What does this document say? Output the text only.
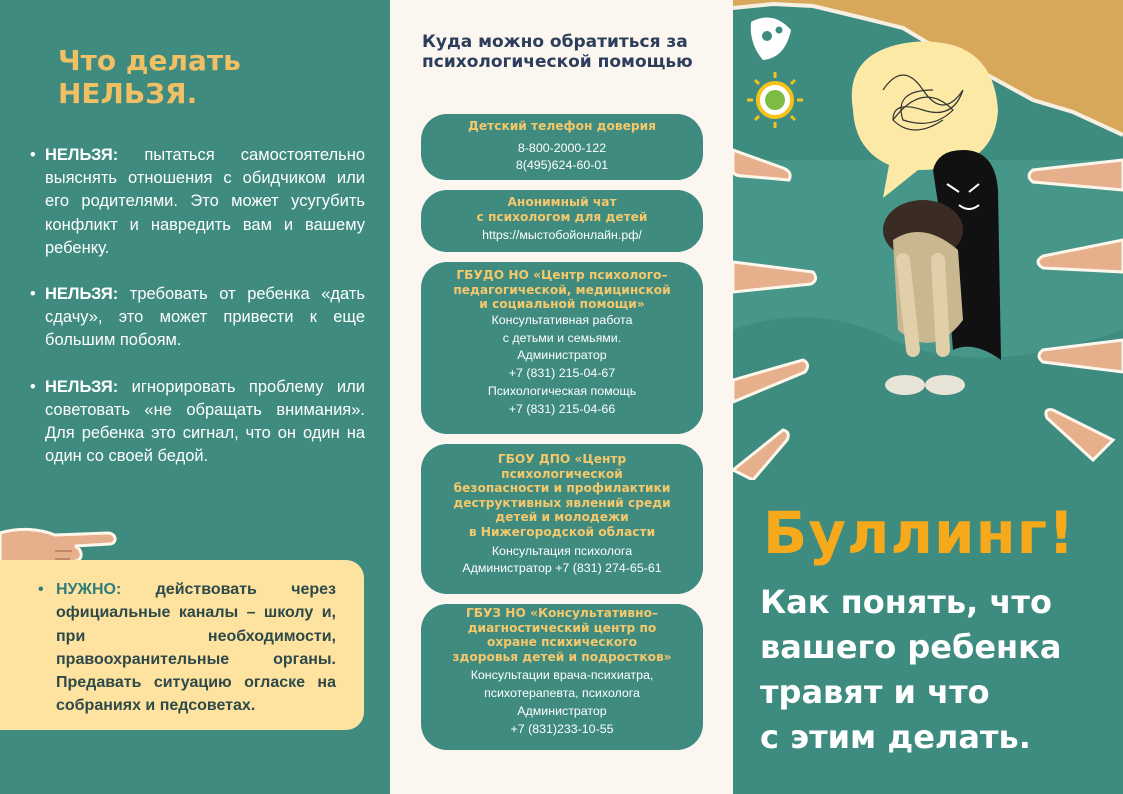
Что делать
НЕЛЬЗЯ.
• НЕЛЬЗЯ: пытаться самостоятельно выяснять отношения с обидчиком или его родителями. Это может усугубить конфликт и навредить вам и вашему ребенку.
• НЕЛЬЗЯ: требовать от ребенка «дать сдачу», это может привести к еще большим побоям.
• НЕЛЬЗЯ: игнорировать проблему или советовать «не обращать внимания». Для ребенка это сигнал, что он один на один со своей бедой.

• НУЖНО: действовать через официальные каналы – школу и, при необходимости, правоохранительные органы. Предавать ситуацию огласке на собраниях и педсоветах.

Куда можно обратиться за психологической помощью
Детский телефон доверия
8-800-2000-122
8(495)624-60-01
Анонимный чат
с психологом для детей
https://мыстобойонлайн.рф/
ГБУДО НО «Центр психолого–
педагогической, медицинской
и социальной помощи»
Консультативная работа
с детьми и семьями.
Администратор
+7 (831) 215-04-67
Психологическая помощь
+7 (831) 215-04-66
ГБОУ ДПО «Центр
психологической
безопасности и профилактики
деструктивных явлений среди
детей и молодежи
в Нижегородской области
Консультация психолога
Администратор +7 (831) 274-65-61
ГБУЗ НО «Консультативно–
диагностический центр по
охране психического
здоровья детей и подростков»
Консультации врача-психиатра,
психотерапевта, психолога
Администратор
+7 (831)233-10-55
Буллинг!
Как понять, что
вашего ребенка
травят и что
с этим делать.
